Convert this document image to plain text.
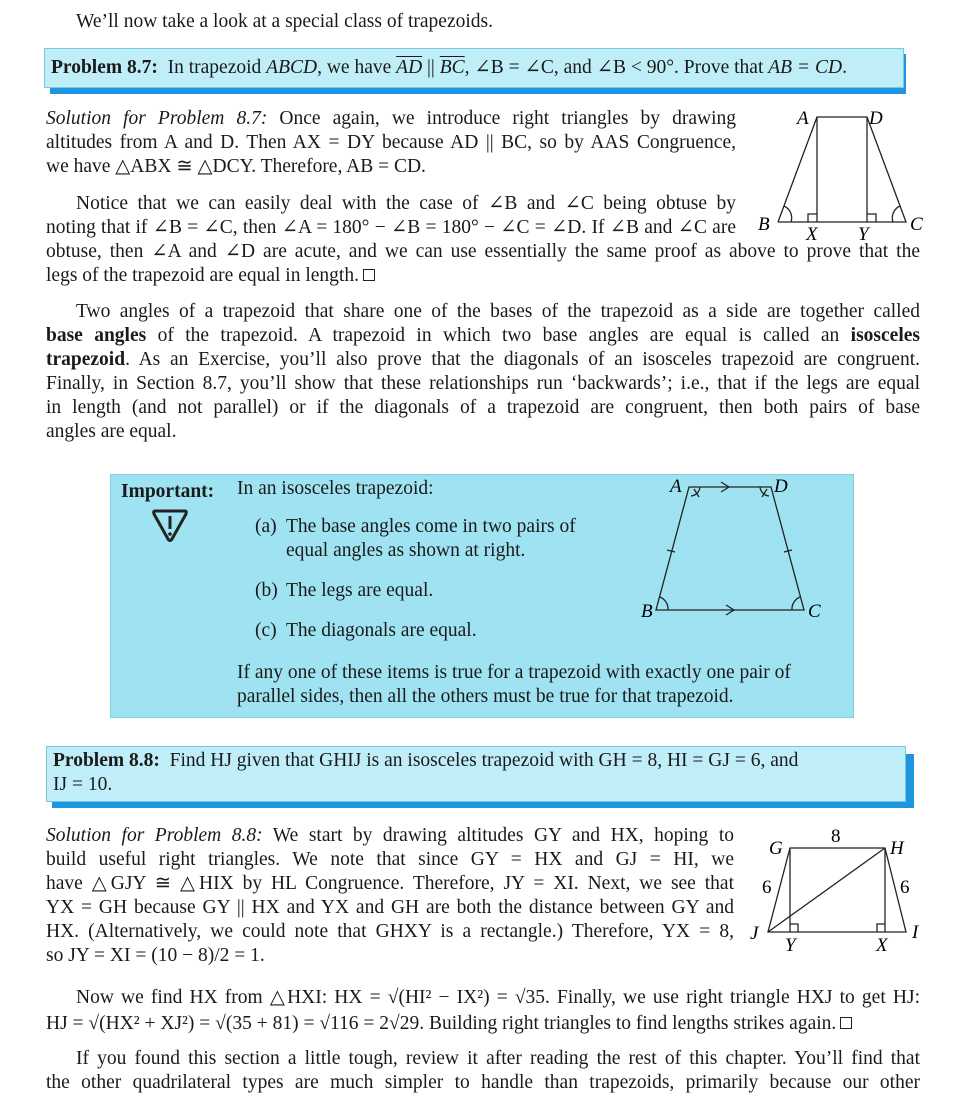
We’ll now take a look at a special class of trapezoids.
Problem 8.7: In trapezoid ABCD, we have $\overline{AD}$ || $\overline{BC}$, ∠B = ∠C, and ∠B < 90°. Prove that AB = CD.
Solution for Problem 8.7: Once again, we introduce right triangles by drawing
altitudes from A and D. Then AX = DY because AD || BC, so by AAS Congruence,
we have △ABX ≅ △DCY. Therefore, AB = CD.
Notice that we can easily deal with the case of ∠B and ∠C being obtuse by
noting that if ∠B = ∠C, then ∠A = 180° − ∠B = 180° − ∠C = ∠D. If ∠B and ∠C are
obtuse, then ∠A and ∠D are acute, and we can use essentially the same proof as above to prove that the
legs of the trapezoid are equal in length.
A	D
B	C
X Y
Two angles of a trapezoid that share one of the bases of the trapezoid as a side are together called
base angles of the trapezoid. A trapezoid in which two base angles are equal is called an isosceles
trapezoid. As an Exercise, you’ll also prove that the diagonals of an isosceles trapezoid are congruent.
Finally, in Section 8.7, you’ll show that these relationships run ‘backwards’; i.e., that if the legs are equal
in length (and not parallel) or if the diagonals of a trapezoid are congruent, then both pairs of base
angles are equal.
Important: In an isosceles trapezoid:
(a) The base angles come in two pairs of
equal angles as shown at right.
(b) The legs are equal.
(c) The diagonals are equal.
If any one of these items is true for a trapezoid with exactly one pair of
parallel sides, then all the others must be true for that trapezoid.
A	D
B	C
Problem 8.8: Find HJ given that GHIJ is an isosceles trapezoid with GH = 8, HI = GJ = 6, and
IJ = 10.
Solution for Problem 8.8: We start by drawing altitudes GY and HX, hoping to
build useful right triangles. We note that since GY = HX and GJ = HI, we
have △GJY ≅ △HIX by HL Congruence. Therefore, JY = XI. Next, we see that
YX = GH because GY || HX and YX and GH are both the distance between GY and
HX. (Alternatively, we could note that GHXY is a rectangle.) Therefore, YX = 8,
so JY = XI = (10 − 8)/2 = 1.
8
6	6
G	H
I
J
Y	X
Now we find HX from △HXI: HX = √(HI² − IX²) = √35. Finally, we use right triangle HXJ to get HJ:
HJ = √(HX² + XJ²) = √(35 + 81) = √116 = 2√29. Building right triangles to find lengths strikes again.
If you found this section a little tough, review it after reading the rest of this chapter. You’ll find that
the other quadrilateral types are much simpler to handle than trapezoids, primarily because our other
